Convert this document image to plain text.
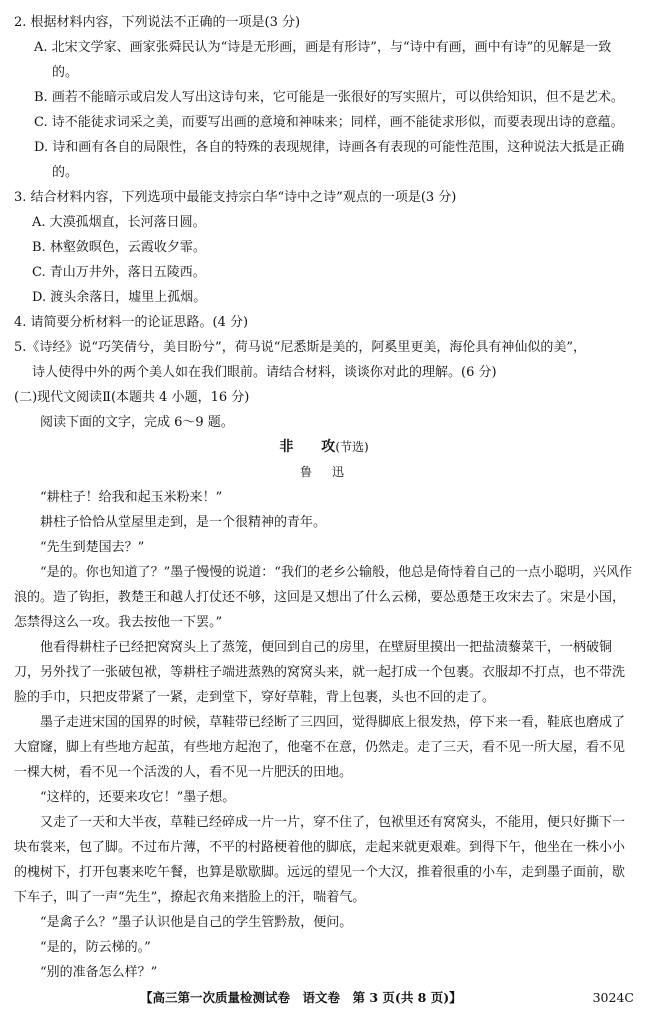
2. 根据材料内容，下列说法不正确的一项是(3 分)

A. 北宋文学家、画家张舜民认为“诗是无形画，画是有形诗”，与“诗中有画，画中有诗”的见解是一致的。

B. 画若不能暗示或启发人写出这诗句来，它可能是一张很好的写实照片，可以供给知识，但不是艺术。

C. 诗不能徒求词采之美，而要写出画的意境和神味来；同样，画不能徒求形似，而要表现出诗的意蕴。

D. 诗和画有各自的局限性，各自的特殊的表现规律，诗画各有表现的可能性范围，这种说法大抵是正确的。

3. 结合材料内容，下列选项中最能支持宗白华“诗中之诗”观点的一项是(3 分)

A. 大漠孤烟直，长河落日圆。

B. 林壑敛暝色，云霞收夕霏。

C. 青山万井外，落日五陵西。

D. 渡头余落日，墟里上孤烟。

4. 请简要分析材料一的论证思路。(4 分)

5.《诗经》说“巧笑倩兮，美目盼兮”，荷马说“尼悉斯是美的，阿奚里更美，海伦具有神仙似的美”，

诗人使得中外的两个美人如在我们眼前。请结合材料，谈谈你对此的理解。(6 分)

(二)现代文阅读Ⅱ(本题共 4 小题，16 分)

阅读下面的文字，完成 6～9 题。

非　　攻(节选)

鲁　迅

“耕柱子！给我和起玉米粉来！”

耕柱子恰恰从堂屋里走到，是一个很精神的青年。

“先生到楚国去？”

“是的。你也知道了？”墨子慢慢的说道：“我们的老乡公输般，他总是倚恃着自己的一点小聪明，兴风作浪的。造了钩拒，教楚王和越人打仗还不够，这回是又想出了什么云梯，要怂恿楚王攻宋去了。宋是小国，怎禁得这么一攻。我去按他一下罢。”

他看得耕柱子已经把窝窝头上了蒸笼，便回到自己的房里，在壁厨里摸出一把盐渍藜菜干，一柄破铜刀，另外找了一张破包袱，等耕柱子端进蒸熟的窝窝头来，就一起打成一个包裹。衣服却不打点，也不带洗脸的手巾，只把皮带紧了一紧，走到堂下，穿好草鞋，背上包裹，头也不回的走了。

墨子走进宋国的国界的时候，草鞋带已经断了三四回，觉得脚底上很发热，停下来一看，鞋底也磨成了大窟窿，脚上有些地方起茧，有些地方起泡了，他毫不在意，仍然走。走了三天，看不见一所大屋，看不见一棵大树，看不见一个活泼的人，看不见一片肥沃的田地。

“这样的，还要来攻它！”墨子想。

又走了一天和大半夜，草鞋已经碎成一片一片，穿不住了，包袱里还有窝窝头，不能用，便只好撕下一块布裳来，包了脚。不过布片薄，不平的村路梗着他的脚底，走起来就更艰难。到得下午，他坐在一株小小的槐树下，打开包裹来吃午餐，也算是歇歇脚。远远的望见一个大汉，推着很重的小车，走到墨子面前，歇下车子，叫了一声“先生”，撩起衣角来揩脸上的汗，喘着气。

“是禽子么？”墨子认识他是自己的学生管黔敖，便问。

“是的，防云梯的。”

“别的准备怎么样？”

【高三第一次质量检测试卷　语文卷　第 3 页(共 8 页)】	3024C
